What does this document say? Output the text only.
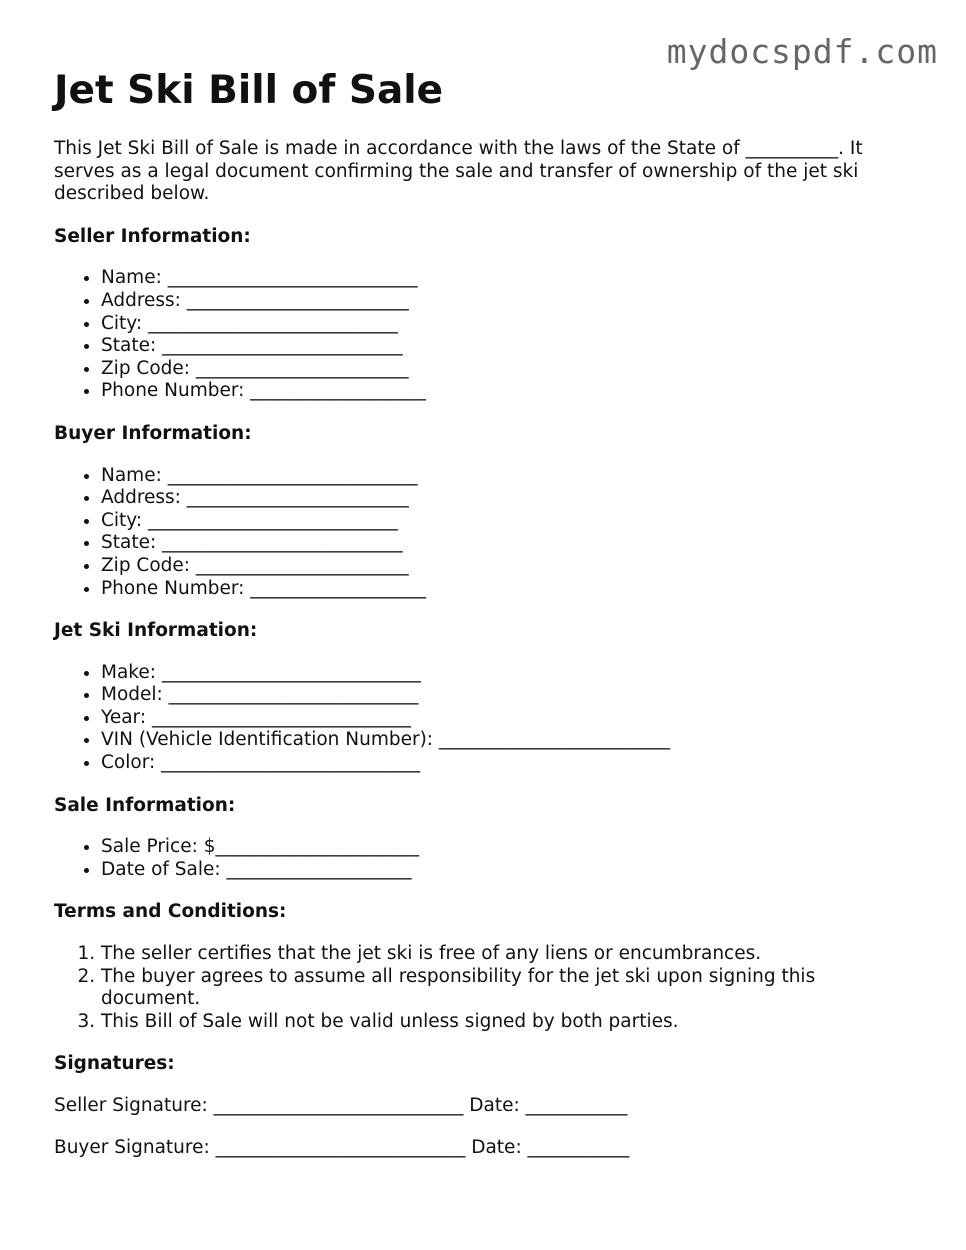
mydocspdf.com
Jet Ski Bill of Sale

This Jet Ski Bill of Sale is made in accordance with the laws of the State of __________. It serves as a legal document confirming the sale and transfer of ownership of the jet ski described below.

Seller Information:
• Name: ___________________________
• Address: ________________________
• City: ___________________________
• State: __________________________
• Zip Code: _______________________
• Phone Number: ___________________
Buyer Information:
• Name: ___________________________
• Address: ________________________
• City: ___________________________
• State: __________________________
• Zip Code: _______________________
• Phone Number: ___________________
Jet Ski Information:
• Make: ____________________________
• Model: ___________________________
• Year: ____________________________
• VIN (Vehicle Identification Number): _________________________
• Color: ____________________________
Sale Information:
• Sale Price: $______________________
• Date of Sale: ____________________
Terms and Conditions:
1. The seller certifies that the jet ski is free of any liens or encumbrances.
2. The buyer agrees to assume all responsibility for the jet ski upon signing this document.
3. This Bill of Sale will not be valid unless signed by both parties.
Signatures:

Seller Signature: ___________________________ Date: ___________

Buyer Signature: ___________________________ Date: ___________
